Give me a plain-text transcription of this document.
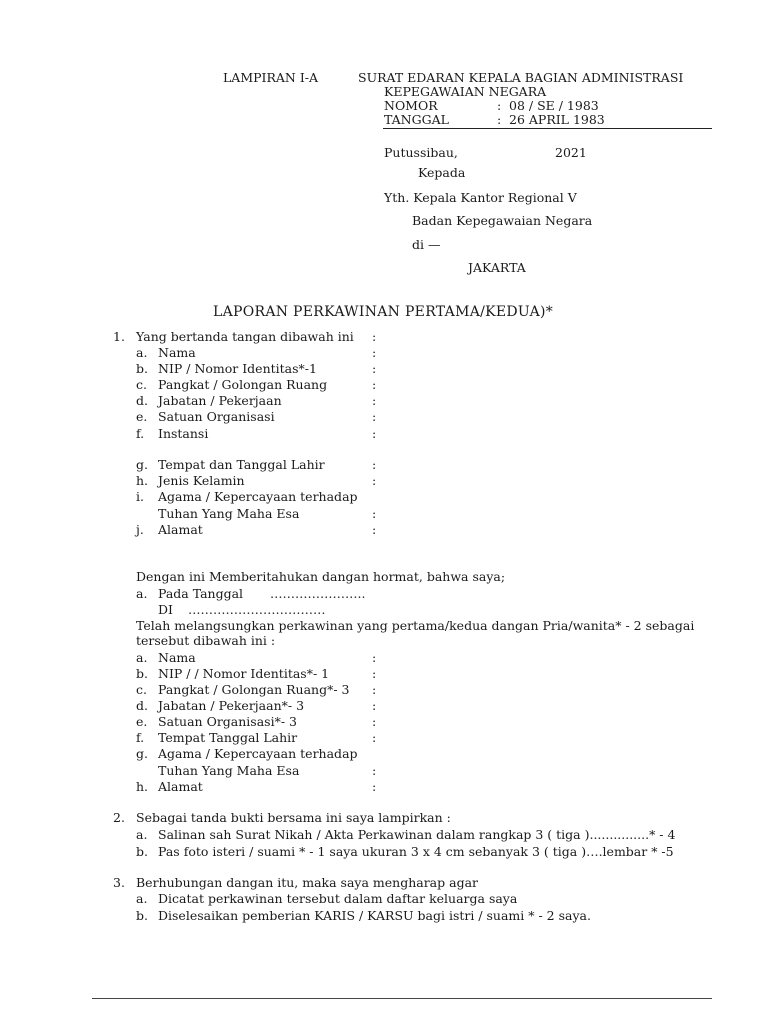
LAMPIRAN I-A	SURAT EDARAN KEPALA BAGIAN ADMINISTRASI
KEPEGAWAIAN NEGARA
NOMOR	: 08 / SE / 1983
TANGGAL	: 26 APRIL 1983
Putussibau,	2021
Kepada
Yth. Kepala Kantor Regional V
Badan Kepegawaian Negara
di —
JAKARTA
LAPORAN PERKAWINAN PERTAMA/KEDUA)*
1. Yang bertanda tangan dibawah ini :
a. Nama	:
b. NIP / Nomor Identitas*-1	:
c. Pangkat / Golongan Ruang	:
d. Jabatan / Pekerjaan	:
e. Satuan Organisasi	:
f. Instansi	:
g. Tempat dan Tanggal Lahir	:
h. Jenis Kelamin	:
i. Agama / Kepercayaan terhadap
Tuhan Yang Maha Esa	:
j. Alamat	:
Dengan ini Memberitahukan dangan hormat, bahwa saya;
a. Pada Tanggal …………………..
DI ……………………………
Telah melangsungkan perkawinan yang pertama/kedua dangan Pria/wanita* - 2 sebagai
tersebut dibawah ini :
a. Nama	:
b. NIP / / Nomor Identitas*- 1	:
c. Pangkat / Golongan Ruang*- 3 :
d. Jabatan / Pekerjaan*- 3	:
e. Satuan Organisasi*- 3	:
f. Tempat Tanggal Lahir	:
g. Agama / Kepercayaan terhadap
Tuhan Yang Maha Esa	:
h. Alamat	:
2. Sebagai tanda bukti bersama ini saya lampirkan :
a. Salinan sah Surat Nikah / Akta Perkawinan dalam rangkap 3 ( tiga )...............* - 4
b. Pas foto isteri / suami * - 1 saya ukuran 3 x 4 cm sebanyak 3 ( tiga )….lembar * -5
3. Berhubungan dangan itu, maka saya mengharap agar
a. Dicatat perkawinan tersebut dalam daftar keluarga saya
b. Diselesaikan pemberian KARIS / KARSU bagi istri / suami * - 2 saya.
